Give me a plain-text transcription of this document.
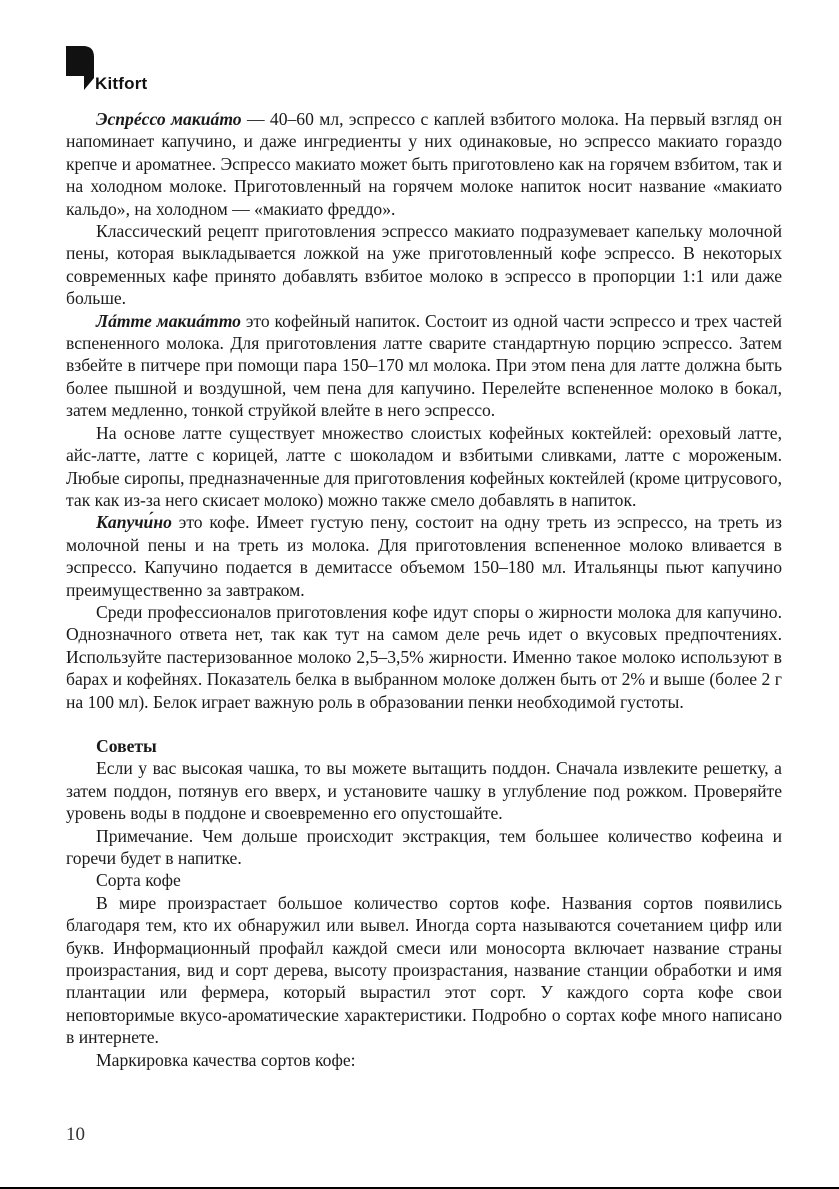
Kitfort

Эспрéссо макиáто — 40–60 мл, эспрессо с каплей взбитого молока. На первый взгляд он напоминает капучино, и даже ингредиенты у них одинаковые, но эспрессо макиато гораздо крепче и ароматнее. Эспрессо макиато может быть приготовлено как на горячем взбитом, так и на холодном молоке. Приготовленный на горячем молоке напиток носит название «макиато кальдо», на холодном — «макиато фреддо».

Классический рецепт приготовления эспрессо макиато подразумевает капельку молочной пены, которая выкладывается ложкой на уже приготовленный кофе эспрессо. В некоторых современных кафе принято добавлять взбитое молоко в эспрессо в пропорции 1:1 или даже больше.

Лáтте макиáтто это кофейный напиток. Состоит из одной части эспрессо и трех частей вспененного молока. Для приготовления латте сварите стандартную порцию эспрессо. Затем взбейте в питчере при помощи пара 150–170 мл молока. При этом пена для латте должна быть более пышной и воздушной, чем пена для капучино. Перелейте вспененное молоко в бокал, затем медленно, тонкой струйкой влейте в него эспрессо.

На основе латте существует множество слоистых кофейных коктейлей: ореховый латте, айс-латте, латте с корицей, латте с шоколадом и взбитыми сливками, латте с мороженым. Любые сиропы, предназначенные для приготовления кофейных коктейлей (кроме цитрусового, так как из-за него скисает молоко) можно также смело добавлять в напиток.

Капучи́но это кофе. Имеет густую пену, состоит на одну треть из эспрессо, на треть из молочной пены и на треть из молока. Для приготовления вспененное молоко вливается в эспрессо. Капучино подается в демитассе объемом 150–180 мл. Итальянцы пьют капучино преимущественно за завтраком.

Среди профессионалов приготовления кофе идут споры о жирности молока для капучино. Однозначного ответа нет, так как тут на самом деле речь идет о вкусовых предпочтениях. Используйте пастеризованное молоко 2,5–3,5% жирности. Именно такое молоко используют в барах и кофейнях. Показатель белка в выбранном молоке должен быть от 2% и выше (более 2 г на 100 мл). Белок играет важную роль в образовании пенки необходимой густоты.

Советы

Если у вас высокая чашка, то вы можете вытащить поддон. Сначала извлеките решетку, а затем поддон, потянув его вверх, и установите чашку в углубление под рожком. Проверяйте уровень воды в поддоне и своевременно его опустошайте.

Примечание. Чем дольше происходит экстракция, тем большее количество кофеина и горечи будет в напитке.

Сорта кофе

В мире произрастает большое количество сортов кофе. Названия сортов появились благодаря тем, кто их обнаружил или вывел. Иногда сорта называются сочетанием цифр или букв. Информационный профайл каждой смеси или моносорта включает название страны произрастания, вид и сорт дерева, высоту произрастания, название станции обработки и имя плантации или фермера, который вырастил этот сорт. У каждого сорта кофе свои неповторимые вкусо-ароматические характеристики. Подробно о сортах кофе много написано в интернете.

Маркировка качества сортов кофе:

10
